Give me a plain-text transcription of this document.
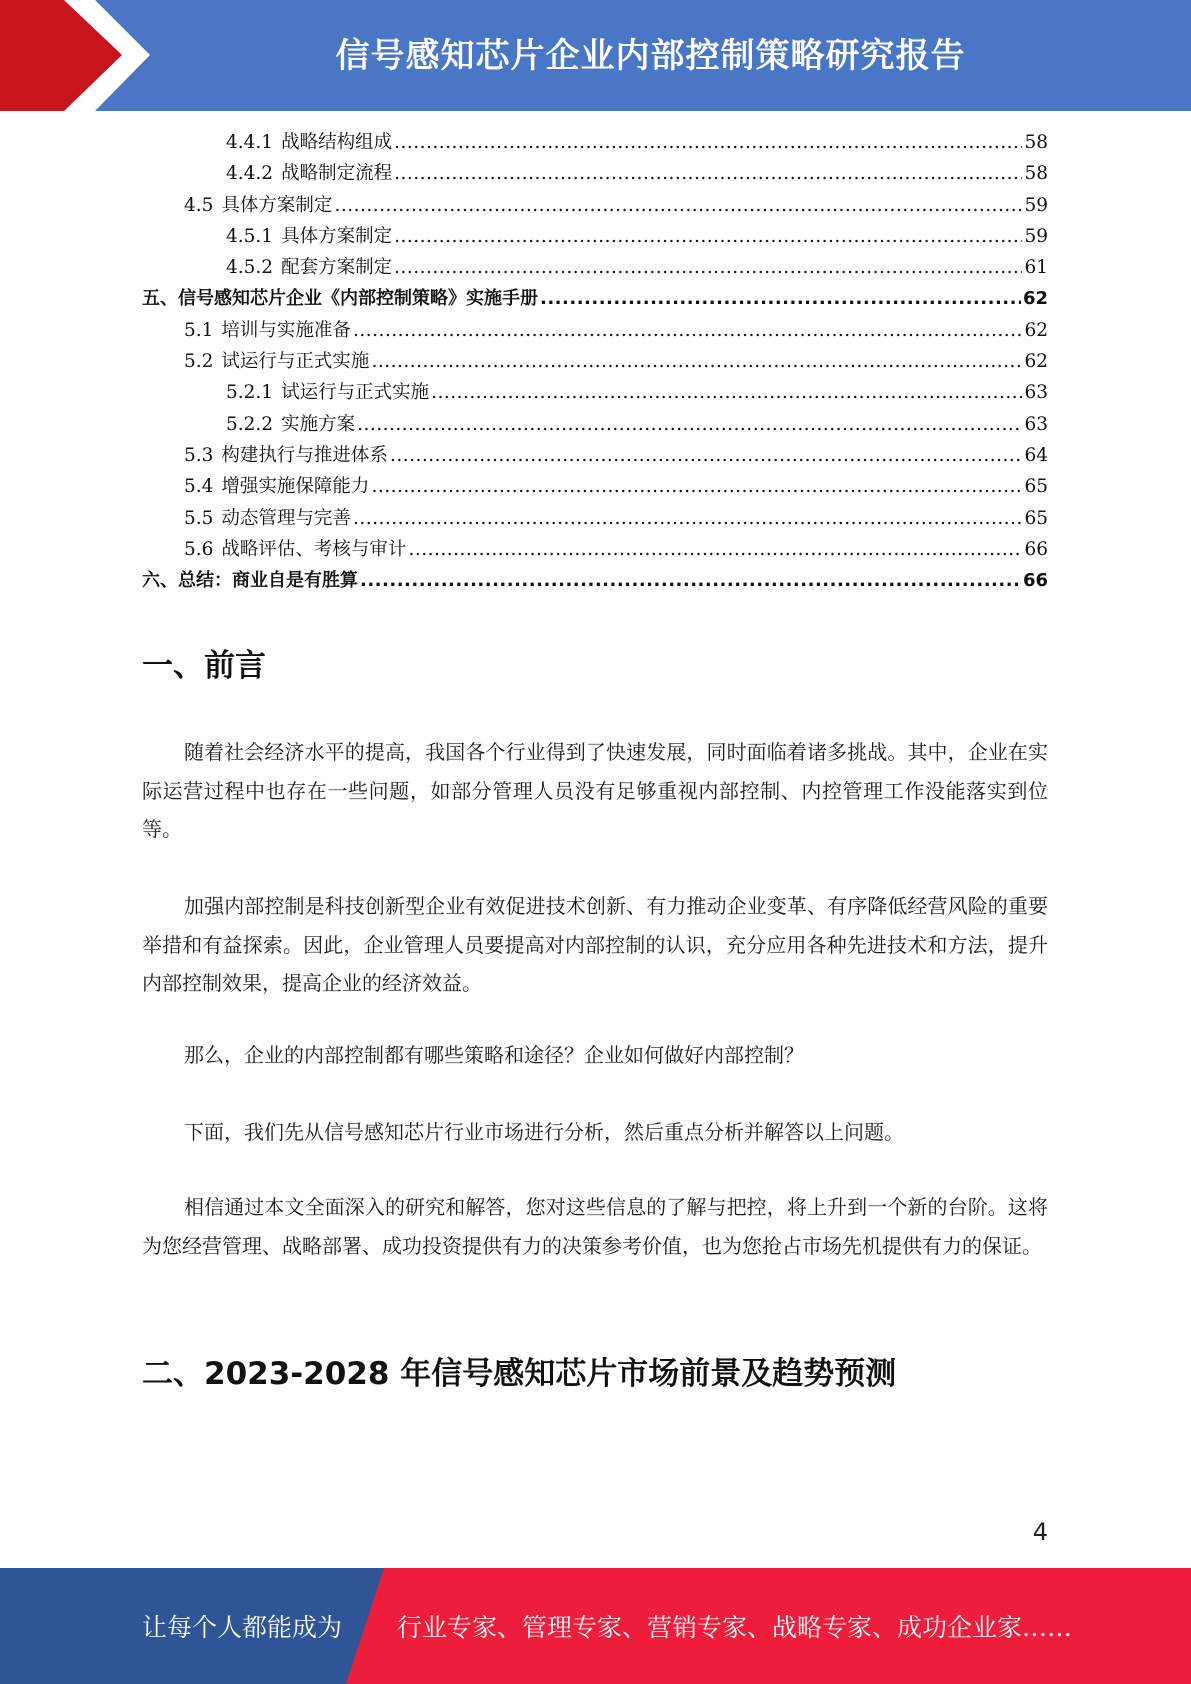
信号感知芯片企业内部控制策略研究报告
4.4.1 战略结构组成 .....	58
4.4.2 战略制定流程 .....	58
4.5 具体方案制定 .....	59
4.5.1 具体方案制定 .....	59
4.5.2 配套方案制定 .....	61
五、 信号感知芯片企业《内部控制策略》实施手册 .....	62
5.1 培训与实施准备 .....	62
5.2 试运行与正式实施 .....	62
5.2.1 试运行与正式实施 .....	63
5.2.2 实施方案 .....	63
5.3 构建执行与推进体系 .....	64
5.4 增强实施保障能力 .....	65
5.5 动态管理与完善 .....	65
5.6 战略评估、考核与审计 .....	66
六、 总结：商业自是有胜算 .....	66
一、前言
随着社会经济水平的提高，我国各个行业得到了快速发展，同时面临着诸多挑战。其中，企业在实际运营过程中也存在一些问题，如部分管理人员没有足够重视内部控制、内控管理工作没能落实到位等。
加强内部控制是科技创新型企业有效促进技术创新、有力推动企业变革、有序降低经营风险的重要举措和有益探索。因此，企业管理人员要提高对内部控制的认识，充分应用各种先进技术和方法，提升内部控制效果，提高企业的经济效益。
那么，企业的内部控制都有哪些策略和途径？企业如何做好内部控制？
下面，我们先从信号感知芯片行业市场进行分析，然后重点分析并解答以上问题。
相信通过本文全面深入的研究和解答，您对这些信息的了解与把控，将上升到一个新的台阶。这将为您经营管理、战略部署、成功投资提供有力的决策参考价值，也为您抢占市场先机提供有力的保证。
二、2023-2028 年信号感知芯片市场前景及趋势预测
4
让每个人都能成为 行业专家、管理专家、营销专家、战略专家、成功企业家……
